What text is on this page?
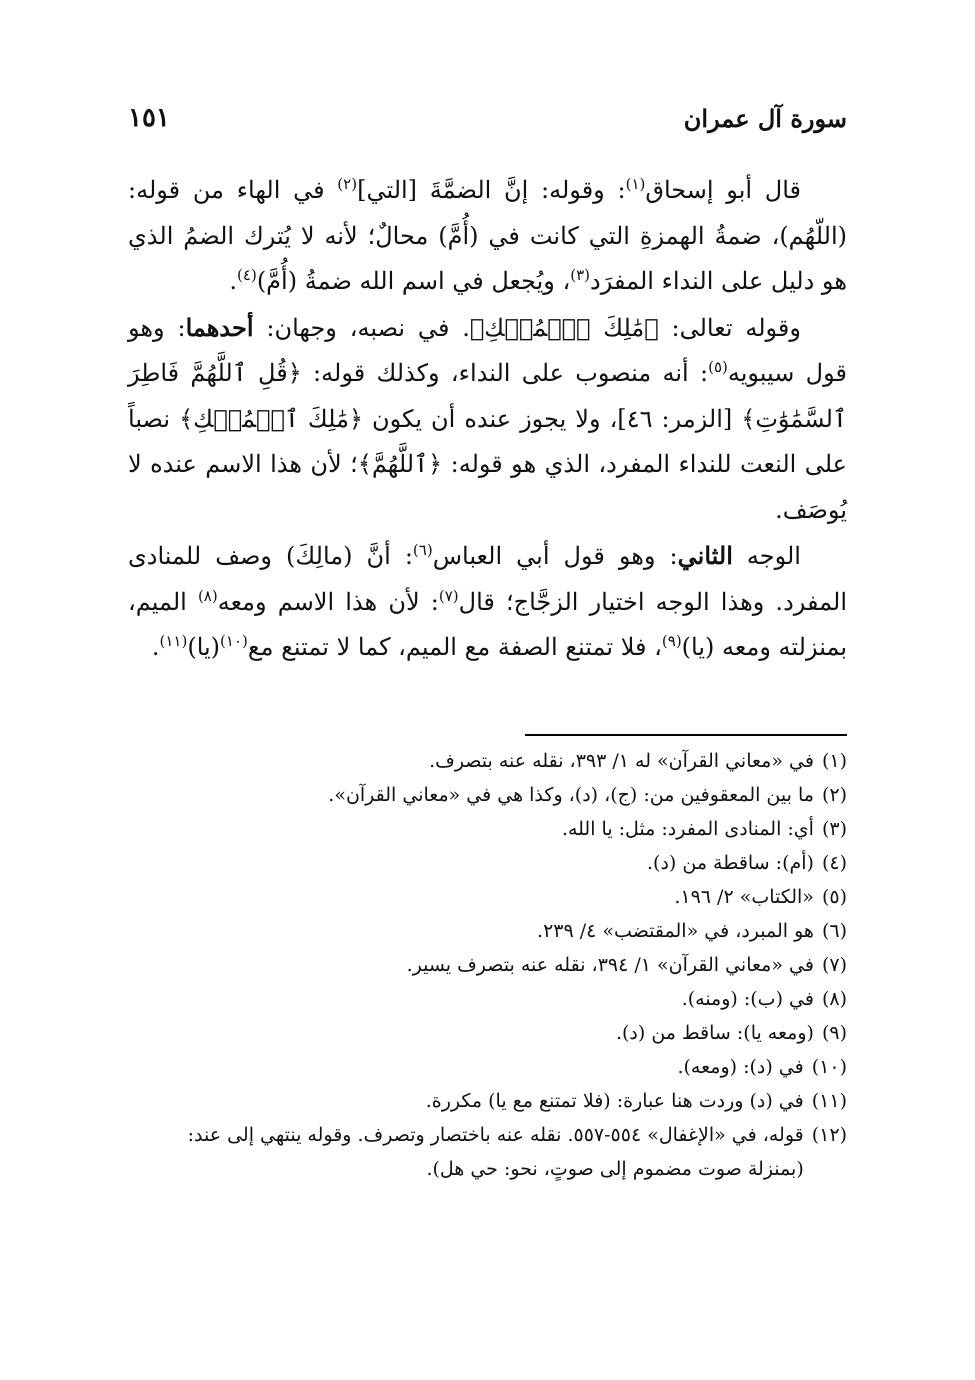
سورة آل عمران
١٥١

قال أبو إسحاق$^{(١)}$: وقوله: إنَّ الضمَّةَ [التي]$^{(٢)}$ في الهاء من قوله: (اللّهُم)، ضمةُ الهمزةِ التي كانت في (أُمَّ) محالٌ؛ لأنه لا يُترك الضمُ الذي هو دليل على النداء المفرَد$^{(٣)}$، ويُجعل في اسم الله ضمةُ (أُمَّ)$^{(٤)}$.

وقوله تعالى: ﴿مَٰلِكَ ٱلۡمُلۡكِ﴾. في نصبه، وجهان: أحدهما: وهو قول سيبويه$^{(٥)}$: أنه منصوب على النداء، وكذلك قوله: ﴿قُلِ ٱللَّهُمَّ فَاطِرَ ٱلسَّمَٰوَٰتِ﴾ [الزمر: ٤٦]، ولا يجوز عنده أن يكون ﴿مَٰلِكَ ٱلۡمُلۡكِ﴾ نصباً على النعت للنداء المفرد، الذي هو قوله: ﴿ٱللَّهُمَّ﴾؛ لأن هذا الاسم عنده لا يُوصَف.

الوجه الثاني: وهو قول أبي العباس$^{(٦)}$: أنَّ (مالِكَ) وصف للمنادى المفرد. وهذا الوجه اختيار الزجَّاج؛ قال$^{(٧)}$: لأن هذا الاسم ومعه$^{(٨)}$ الميم، بمنزلته ومعه (يا)$^{(٩)}$، فلا تمتنع الصفة مع الميم، كما لا تمتنع مع$^{(١٠)}$(يا)$^{(١١)}$.

(١)
في «معاني القرآن» له ١/ ٣٩٣، نقله عنه بتصرف.
(٢)
ما بين المعقوفين من: (ج)، (د)، وكذا هي في «معاني القرآن».
(٣)
أي: المنادى المفرد: مثل: يا الله.
(٤)
(أم): ساقطة من (د).
(٥)
«الكتاب» ٢/ ١٩٦.
(٦)
هو المبرد، في «المقتضب» ٤/ ٢٣٩.
(٧)
في «معاني القرآن» ١/ ٣٩٤، نقله عنه بتصرف يسير.
(٨)
في (ب): (ومنه).
(٩)
(ومعه يا): ساقط من (د).
(١٠)
في (د): (ومعه).
(١١)
في (د) وردت هنا عبارة: (فلا تمتنع مع يا) مكررة.
(١٢)
قوله، في «الإغفال» ٥٥٤-٥٥٧. نقله عنه باختصار وتصرف. وقوله ينتهي إلى عند: (بمنزلة صوت مضموم إلى صوتٍ، نحو: حي هل).
